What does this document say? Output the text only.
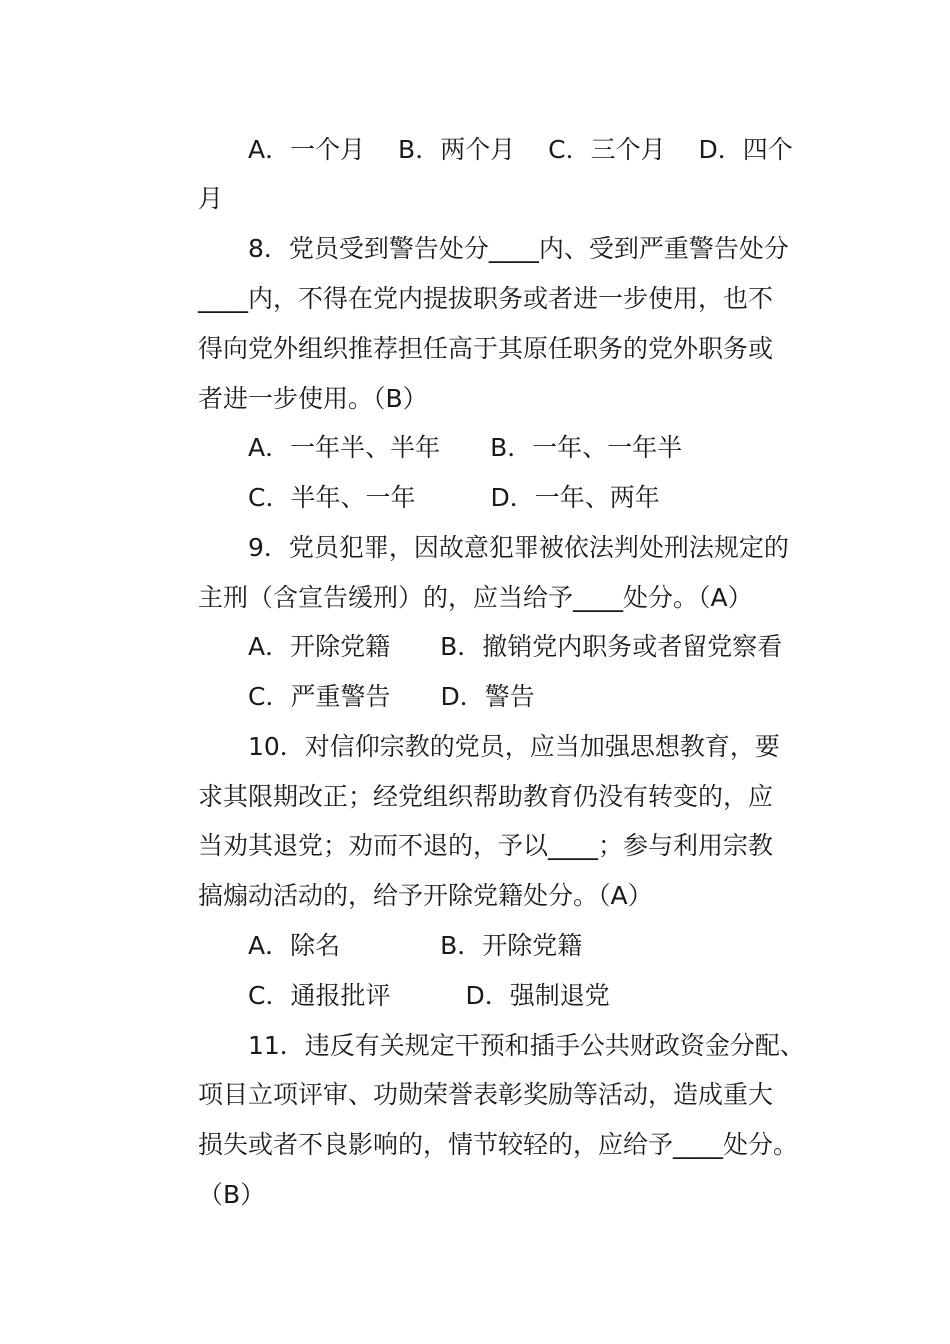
A．一个月　 B．两个月　 C．三个月　 D．四个
月
8．党员受到警告处分____内、受到严重警告处分
____内，不得在党内提拔职务或者进一步使用，也不
得向党外组织推荐担任高于其原任职务的党外职务或
者进一步使用。（B）
A．一年半、半年　　B．一年、一年半
C．半年、一年　　　D．一年、两年
9．党员犯罪，因故意犯罪被依法判处刑法规定的
主刑（含宣告缓刑）的，应当给予____处分。（A）
A．开除党籍　　B．撤销党内职务或者留党察看
C．严重警告　　D．警告
10．对信仰宗教的党员，应当加强思想教育，要
求其限期改正；经党组织帮助教育仍没有转变的，应
当劝其退党；劝而不退的，予以____；参与利用宗教
搞煽动活动的，给予开除党籍处分。（A）
A．除名　　　　B．开除党籍
C．通报批评　　　D．强制退党
11．违反有关规定干预和插手公共财政资金分配、
项目立项评审、功勋荣誉表彰奖励等活动，造成重大
损失或者不良影响的，情节较轻的，应给予____处分。
（B）
